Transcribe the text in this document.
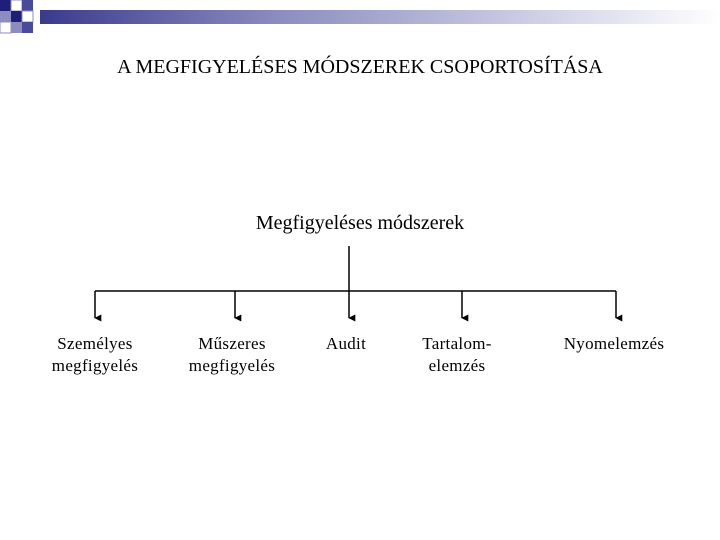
A MEGFIGYELÉSES MÓDSZEREK CSOPORTOSÍTÁSA
Megfigyeléses módszerek
Személyes
megfigyelés
Műszeres
megfigyelés
Audit	Tartalom-
elemzés
Nyomelemzés
